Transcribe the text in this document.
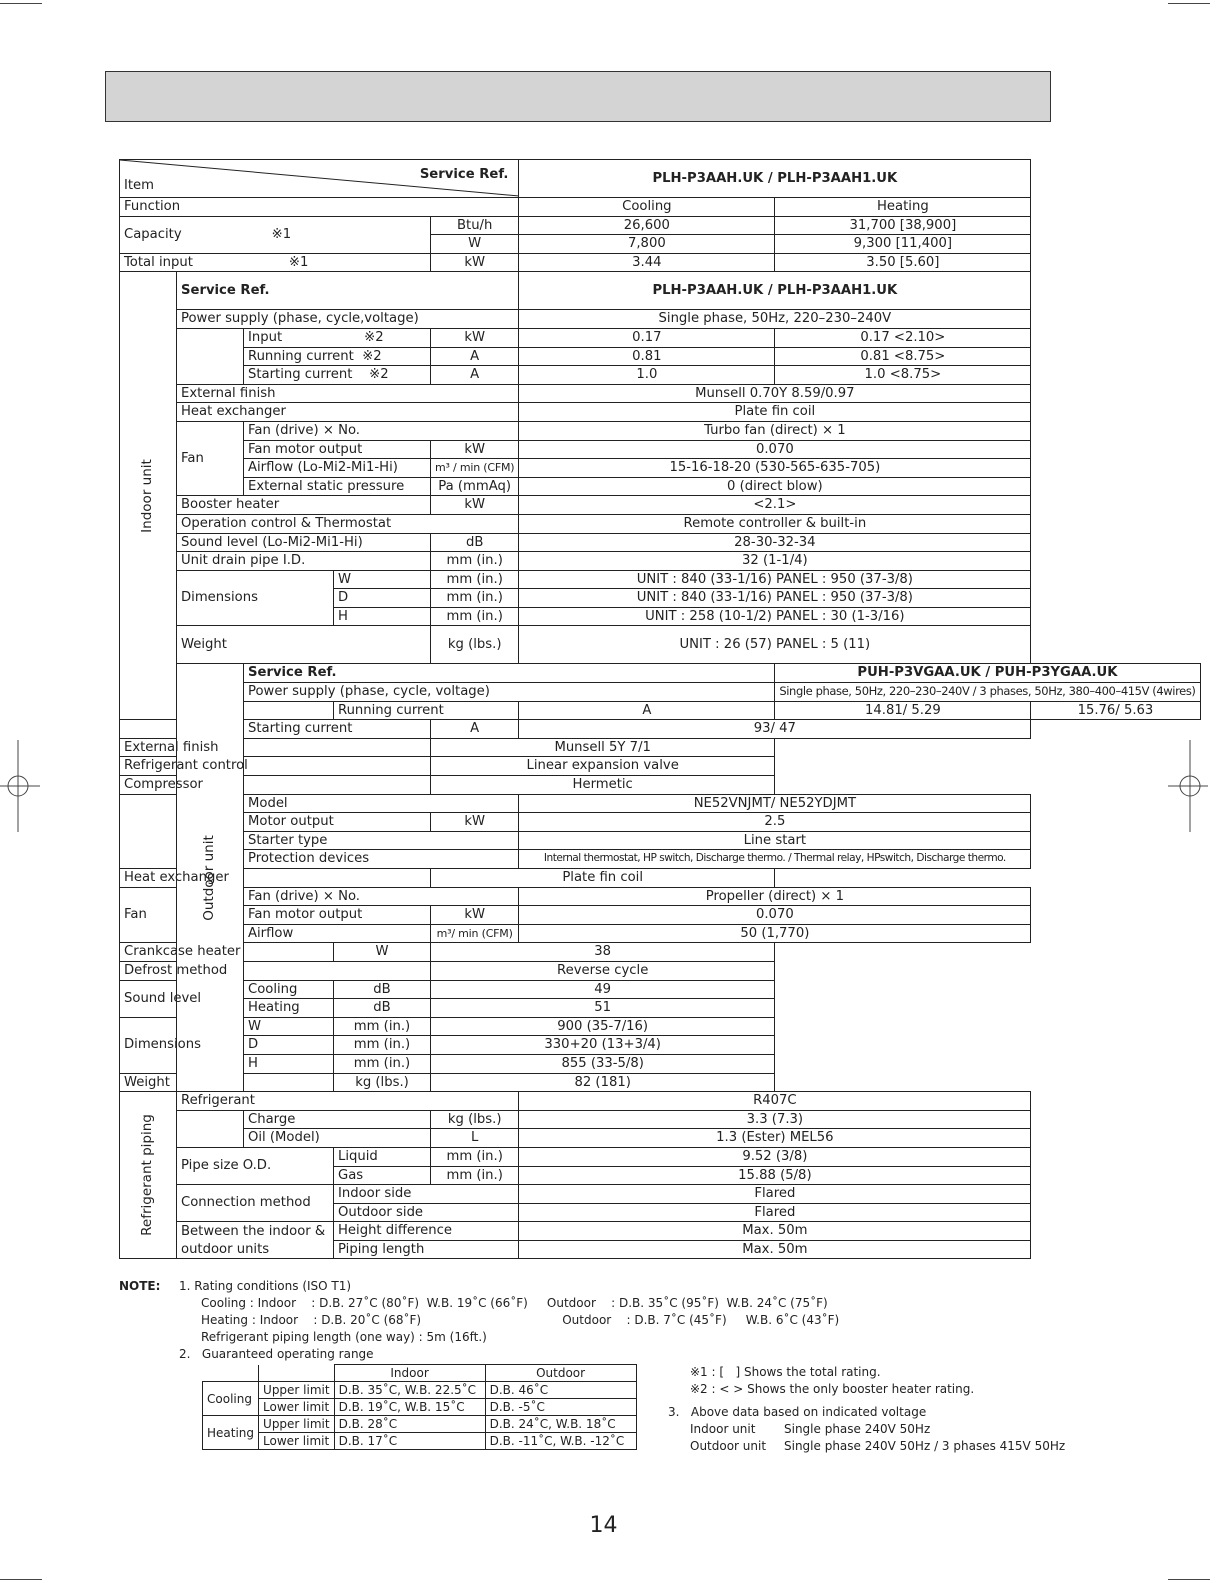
Service Ref.
Item					PLH-P3AAH.UK / PLH-P3AAH1.UK		
Function					Cooling	Heating	
Capacity ※1				Btu/h	26,600	31,700 [38,900]	
				W	7,800	9,300 [11,400]	
Total input ※1				kW	3.44	3.50 [5.60]	

Indoor unit	Service Ref.				PLH-P3AAH.UK / PLH-P3AAH1.UK		
	Power supply (phase, cycle,voltage)				Single phase, 50Hz, 220–230–240V		
		Input ※2		kW	0.17	0.17 <2.10>	
		Running current ※2		A	0.81	0.81 <8.75>	
		Starting current ※2		A	1.0	1.0 <8.75>	
	External finish				Munsell 0.70Y 8.59/0.97		
	Heat exchanger				Plate fin coil		
	Fan	Fan (drive) × No.			Turbo fan (direct) × 1		
		Fan motor output		kW	0.070		
		Airflow (Lo-Mi2-Mi1-Hi)		m³ / min (CFM)	15-16-18-20 (530-565-635-705)		
		External static pressure		Pa (mmAq)	0 (direct blow)		
	Booster heater			kW	<2.1>		
	Operation control & Thermostat				Remote controller & built-in		
	Sound level (Lo-Mi2-Mi1-Hi)			dB	28-30-32-34		
	Unit drain pipe I.D.			mm (in.)	32 (1-1/4)		
	Dimensions		W	mm (in.)	UNIT : 840 (33-1/16) PANEL : 950 (37-3/8)		
			D	mm (in.)	UNIT : 840 (33-1/16) PANEL : 950 (37-3/8)		
			H	mm (in.)	UNIT : 258 (10-1/2) PANEL : 30 (1-3/16)		
	Weight			kg (lbs.)	UNIT : 26 (57) PANEL : 5 (11)		

	Outdoor unit	Service Ref.				PUH-P3VGAA.UK / PUH-P3YGAA.UK	
		Power supply (phase, cycle, voltage)				Single phase, 50Hz, 220–230–240V / 3 phases, 50Hz, 380–400–415V (4wires)	
			Running current		A	14.81/ 5.29	15.76/ 5.63
		Starting current		A	93/ 47		
External finish				Munsell 5Y 7/1			
Refrigerant control				Linear expansion valve			
Compressor				Hermetic			
		Model			NE52VNJMT/ NE52YDJMT		
		Motor output		kW	2.5		
		Starter type			Line start		
		Protection devices			Internal thermostat, HP switch, Discharge thermo. / Thermal relay, HPswitch, Discharge thermo.		
Heat exchanger				Plate fin coil			
Fan		Fan (drive) × No.			Propeller (direct) × 1		
		Fan motor output		kW	0.070		
		Airflow		m³/ min (CFM)	50 (1,770)		
Crankcase heater			W	38			
Defrost method				Reverse cycle			
Sound level		Cooling	dB	49			
		Heating	dB	51			
Dimensions		W	mm (in.)	900 (35-7/16)			
		D	mm (in.)	330+20 (13+3/4)			
		H	mm (in.)	855 (33-5/8)			
Weight			kg (lbs.)	82 (181)			

Refrigerant piping	Refrigerant				R407C		
		Charge		kg (lbs.)	3.3 (7.3)		
		Oil (Model)		L	1.3 (Ester) MEL56		
	Pipe size O.D.		Liquid	mm (in.)	9.52 (3/8)		
			Gas	mm (in.)	15.88 (5/8)		
	Connection method		Indoor side		Flared		
			Outdoor side		Flared		
	Between the indoor &		Height difference		Max. 50m		
	outdoor units		Piping length		Max. 50m		
NOTE: 1. Rating conditions (ISO T1)
Cooling : Indoor    : D.B. 27˚C (80˚F)  W.B. 19˚C (66˚F)     Outdoor    : D.B. 35˚C (95˚F)  W.B. 24˚C (75˚F)
Heating : Indoor    : D.B. 20˚C (68˚F)                                     Outdoor    : D.B. 7˚C (45˚F)     W.B. 6˚C (43˚F)
Refrigerant piping length (one way) : 5m (16ft.)
2.   Guaranteed operating range
		Indoor	Outdoor
Cooling	Upper limit	D.B. 35˚C, W.B. 22.5˚C	D.B. 46˚C
	Lower limit	D.B. 19˚C, W.B. 15˚C	D.B. -5˚C
Heating	Upper limit	D.B. 28˚C	D.B. 24˚C, W.B. 18˚C
	Lower limit	D.B. 17˚C	D.B. -11˚C, W.B. -12˚C
※1 : [   ] Shows the total rating.
※2 : < > Shows the only booster heater rating.
3.   Above data based on indicated voltage
Indoor unit Single phase 240V 50Hz
Outdoor unit Single phase 240V 50Hz / 3 phases 415V 50Hz
14
